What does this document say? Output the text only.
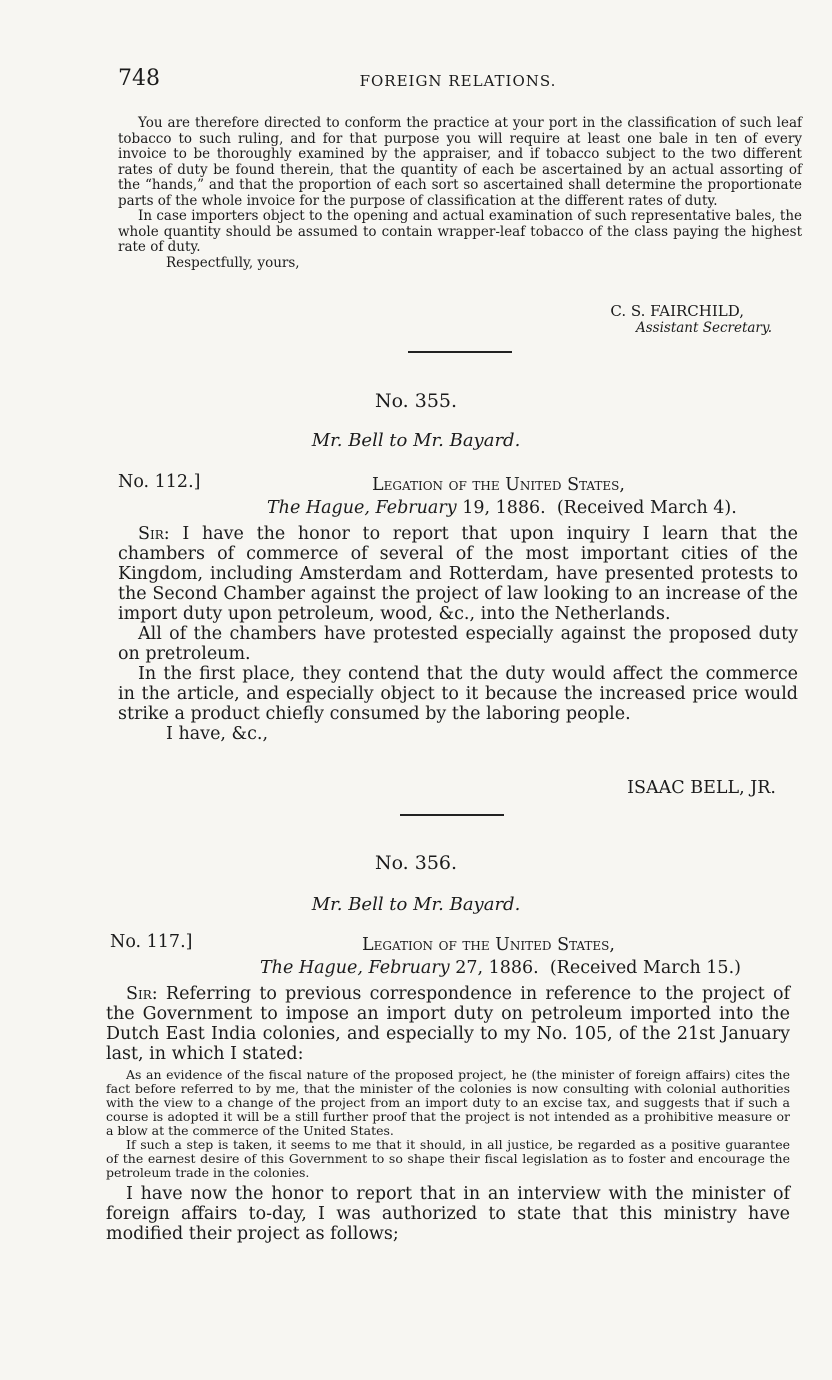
748	FOREIGN RELATIONS.

You are therefore directed to conform the practice at your port in the classification of such leaf tobacco to such ruling, and for that purpose you will require at least one bale in ten of every invoice to be thoroughly examined by the appraiser, and if tobacco subject to the two different rates of duty be found therein, that the quantity of each be ascertained by an actual assorting of the “hands,” and that the proportion of each sort so ascertained shall determine the proportionate parts of the whole invoice for the purpose of classification at the different rates of duty.

In case importers object to the opening and actual examination of such representative bales, the whole quantity should be assumed to contain wrapper-leaf tobacco of the class paying the highest rate of duty.

Respectfully, yours,

C. S. FAIRCHILD,
Assistant Secretary.
No. 355.
Mr. Bell to Mr. Bayard.
No. 112.]	Legation of the United States,
The Hague, February 19, 1886. (Received March 4).

Sir: I have the honor to report that upon inquiry I learn that the chambers of commerce of several of the most important cities of the Kingdom, including Amsterdam and Rotterdam, have presented protests to the Second Chamber against the project of law looking to an increase of the import duty upon petroleum, wood, &c., into the Netherlands.

All of the chambers have protested especially against the proposed duty on pretroleum.

In the first place, they contend that the duty would affect the commerce in the article, and especially object to it because the increased price would strike a product chiefly consumed by the laboring people.

I have, &c.,

ISAAC BELL, JR.
No. 356.
Mr. Bell to Mr. Bayard.
No. 117.]	Legation of the United States,
The Hague, February 27, 1886. (Received March 15.)

Sir: Referring to previous correspondence in reference to the project of the Government to impose an import duty on petroleum imported into the Dutch East India colonies, and especially to my No. 105, of the 21st January last, in which I stated:

As an evidence of the fiscal nature of the proposed project, he (the minister of foreign affairs) cites the fact before referred to by me, that the minister of the colonies is now consulting with colonial authorities with the view to a change of the project from an import duty to an excise tax, and suggests that if such a course is adopted it will be a still further proof that the project is not intended as a prohibitive measure or a blow at the commerce of the United States.

If such a step is taken, it seems to me that it should, in all justice, be regarded as a positive guarantee of the earnest desire of this Government to so shape their fiscal legislation as to foster and encourage the petroleum trade in the colonies.

I have now the honor to report that in an interview with the minister of foreign affairs to-day, I was authorized to state that this ministry have modified their project as follows;
